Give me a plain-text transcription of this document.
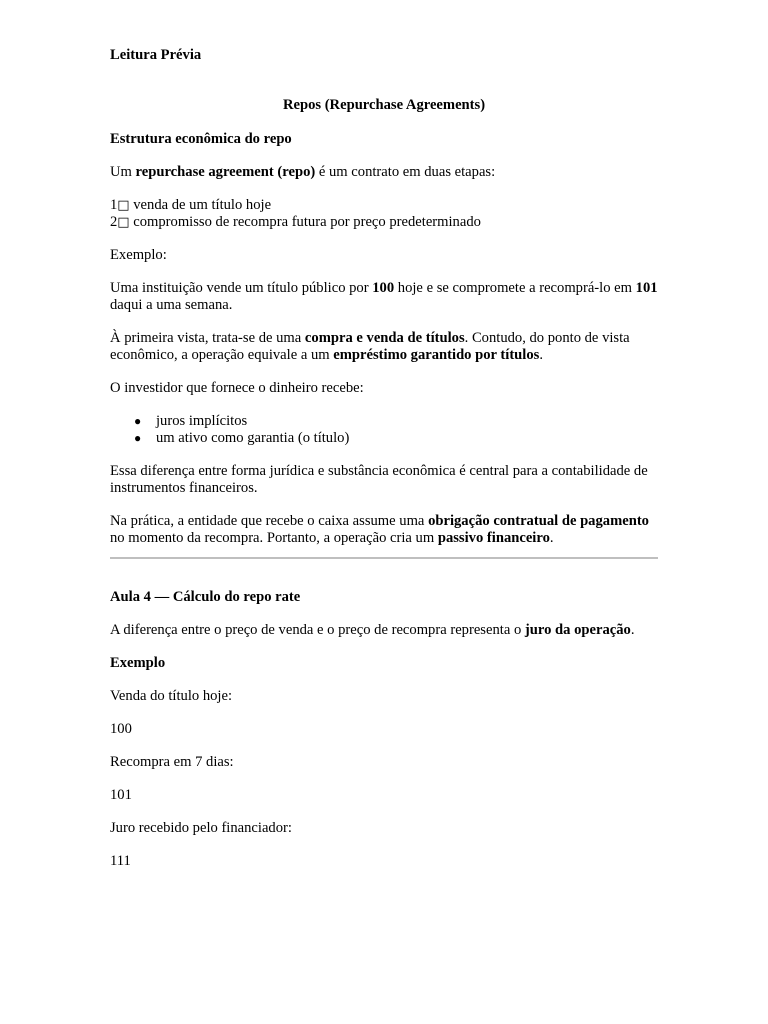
Leitura Prévia

Repos (Repurchase Agreements)

Estrutura econômica do repo

Um repurchase agreement (repo) é um contrato em duas etapas:

1□ venda de um título hoje

2□ compromisso de recompra futura por preço predeterminado

Exemplo:

Uma instituição vende um título público por 100 hoje e se compromete a recomprá-lo em 101 daqui a uma semana.

À primeira vista, trata-se de uma compra e venda de títulos. Contudo, do ponto de vista econômico, a operação equivale a um empréstimo garantido por títulos.

O investidor que fornece o dinheiro recebe:

● juros implícitos
● um ativo como garantia (o título)

Essa diferença entre forma jurídica e substância econômica é central para a contabilidade de instrumentos financeiros.

Na prática, a entidade que recebe o caixa assume uma obrigação contratual de pagamento no momento da recompra. Portanto, a operação cria um passivo financeiro.

Aula 4 — Cálculo do repo rate

A diferença entre o preço de venda e o preço de recompra representa o juro da operação.

Exemplo

Venda do título hoje:

100

Recompra em 7 dias:

101

Juro recebido pelo financiador:

111
